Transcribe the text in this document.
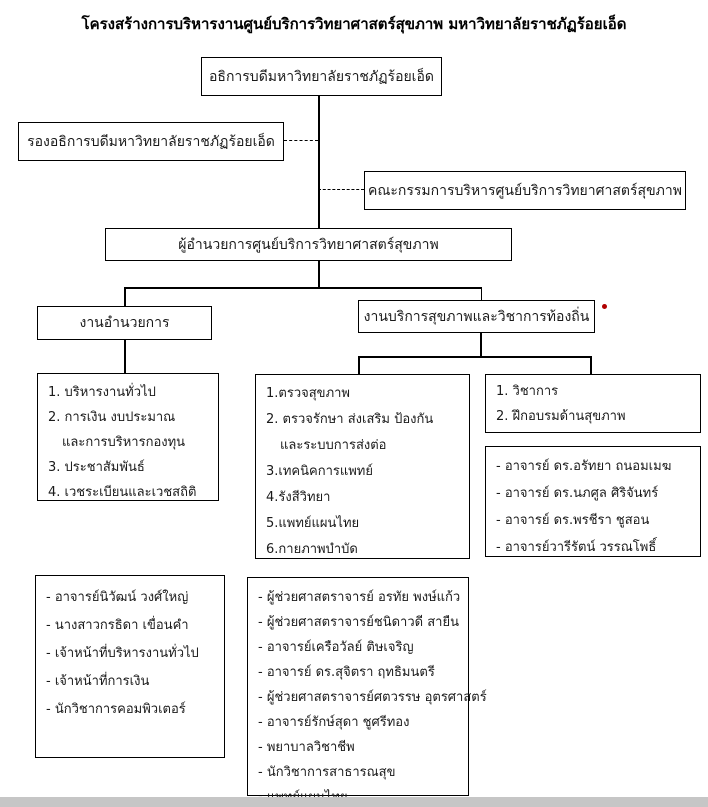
โครงสร้างการบริหารงานศูนย์บริการวิทยาศาสตร์สุขภาพ มหาวิทยาลัยราชภัฏร้อยเอ็ด
อธิการบดีมหาวิทยาลัยราชภัฏร้อยเอ็ด
รองอธิการบดีมหาวิทยาลัยราชภัฏร้อยเอ็ด
คณะกรรมการบริหารศูนย์บริการวิทยาศาสตร์สุขภาพ
ผู้อำนวยการศูนย์บริการวิทยาศาสตร์สุขภาพ
งานอำนวยการ	งานบริการสุขภาพและวิชาการท้องถิ่น
1. บริหารงานทั่วไป
2. การเงิน งบประมาณ
และการบริหารกองทุน
3. ประชาสัมพันธ์
4. เวชระเบียนและเวชสถิติ
1.ตรวจสุขภาพ
2. ตรวจรักษา ส่งเสริม ป้องกัน
และระบบการส่งต่อ
3.เทคนิคการแพทย์
4.รังสีวิทยา
5.แพทย์แผนไทย
6.กายภาพบำบัด
1. วิชาการ
2. ฝึกอบรมด้านสุขภาพ
- อาจารย์ ดร.อรัทยา ถนอมเมฆ
- อาจารย์ ดร.นภศูล ศิริจันทร์
- อาจารย์ ดร.พรชีรา ชูสอน
- อาจารย์วารีรัตน์ วรรณโพธิ์
- อาจารย์นิวัฒน์ วงศ์ใหญ่
- นางสาวกรธิดา เขื่อนคำ
- เจ้าหน้าที่บริหารงานทั่วไป
- เจ้าหน้าที่การเงิน
- นักวิชาการคอมพิวเตอร์
- ผู้ช่วยศาสตราจารย์ อรทัย พงษ์แก้ว
- ผู้ช่วยศาสตราจารย์ชนิดาวดี สายืน
- อาจารย์เครือวัลย์ ติษเจริญ
- อาจารย์ ดร.สุจิตรา ฤทธิมนตรี
- ผู้ช่วยศาสตราจารย์ศตวรรษ อุตรศาสตร์
- อาจารย์รักษ์สุดา ชูศรีทอง
- พยาบาลวิชาชีพ
- นักวิชาการสาธารณสุข
